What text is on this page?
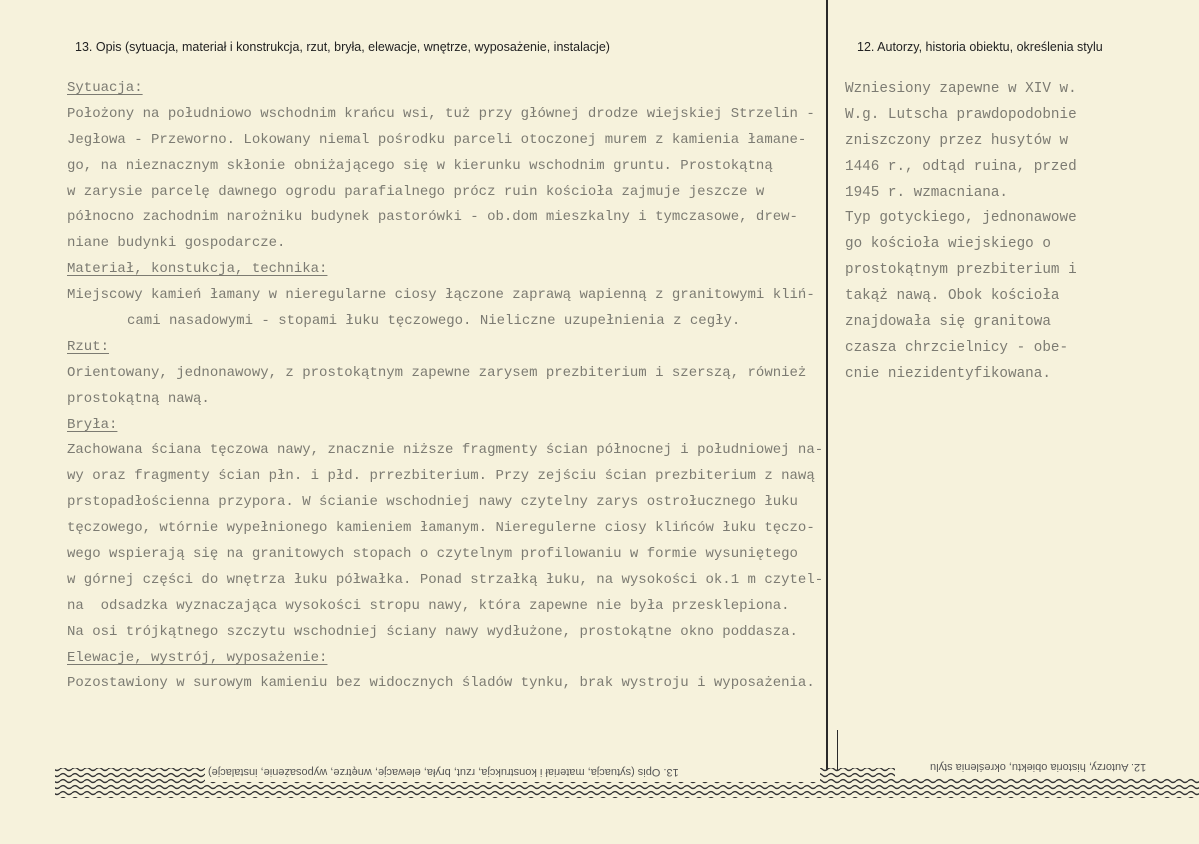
13. Opis (sytuacja, materiał i konstrukcja, rzut, bryła, elewacje, wnętrze, wyposażenie, instalacje)	12. Autorzy, historia obiektu, określenia stylu
Sytuacja:
Położony na południowo wschodnim krańcu wsi, tuż przy głównej drodze wiejskiej Strzelin -
Jegłowa - Przeworno. Lokowany niemal pośrodku parceli otoczonej murem z kamienia łamane-
go, na nieznacznym skłonie obniżającego się w kierunku wschodnim gruntu. Prostokątną
w zarysie parcelę dawnego ogrodu parafialnego prócz ruin kościoła zajmuje jeszcze w
północno zachodnim narożniku budynek pastorówki - ob.dom mieszkalny i tymczasowe, drew-
niane budynki gospodarcze.
Materiał, konstukcja, technika:
Miejscowy kamień łamany w nieregularne ciosy łączone zaprawą wapienną z granitowymi kliń-
cami nasadowymi - stopami łuku tęczowego. Nieliczne uzupełnienia z cegły.
Rzut:
Orientowany, jednonawowy, z prostokątnym zapewne zarysem prezbiterium i szerszą, również
prostokątną nawą.
Bryła:
Zachowana ściana tęczowa nawy, znacznie niższe fragmenty ścian północnej i południowej na-
wy oraz fragmenty ścian płn. i płd. prrezbiterium. Przy zejściu ścian prezbiterium z nawą
prstopadłościenna przypora. W ścianie wschodniej nawy czytelny zarys ostrołucznego łuku
tęczowego, wtórnie wypełnionego kamieniem łamanym. Nieregulerne ciosy klińców łuku tęczo-
wego wspierają się na granitowych stopach o czytelnym profilowaniu w formie wysuniętego
w górnej części do wnętrza łuku półwałka. Ponad strzałką łuku, na wysokości ok.1 m czytel-
na  odsadzka wyznaczająca wysokości stropu nawy, która zapewne nie była przesklepiona.
Na osi trójkątnego szczytu wschodniej ściany nawy wydłużone, prostokątne okno poddasza.
Elewacje, wystrój, wyposażenie:
Pozostawiony w surowym kamieniu bez widocznych śladów tynku, brak wystroju i wyposażenia.
Wzniesiony zapewne w XIV w.
W.g. Lutscha prawdopodobnie
zniszczony przez husytów w
1446 r., odtąd ruina, przed
1945 r. wzmacniana.
Typ gotyckiego, jednonawowe
go kościoła wiejskiego o
prostokątnym prezbiterium i
takąż nawą. Obok kościoła
znajdowała się granitowa
czasza chrzcielnicy - obe-
cnie niezidentyfikowana.
13. Opis (sytuacja, materiał i konstrukcja, rzut, bryła, elewacje, wnętrze, wyposażenie, instalacje)	12. Autorzy, historia obiektu, określenia stylu
